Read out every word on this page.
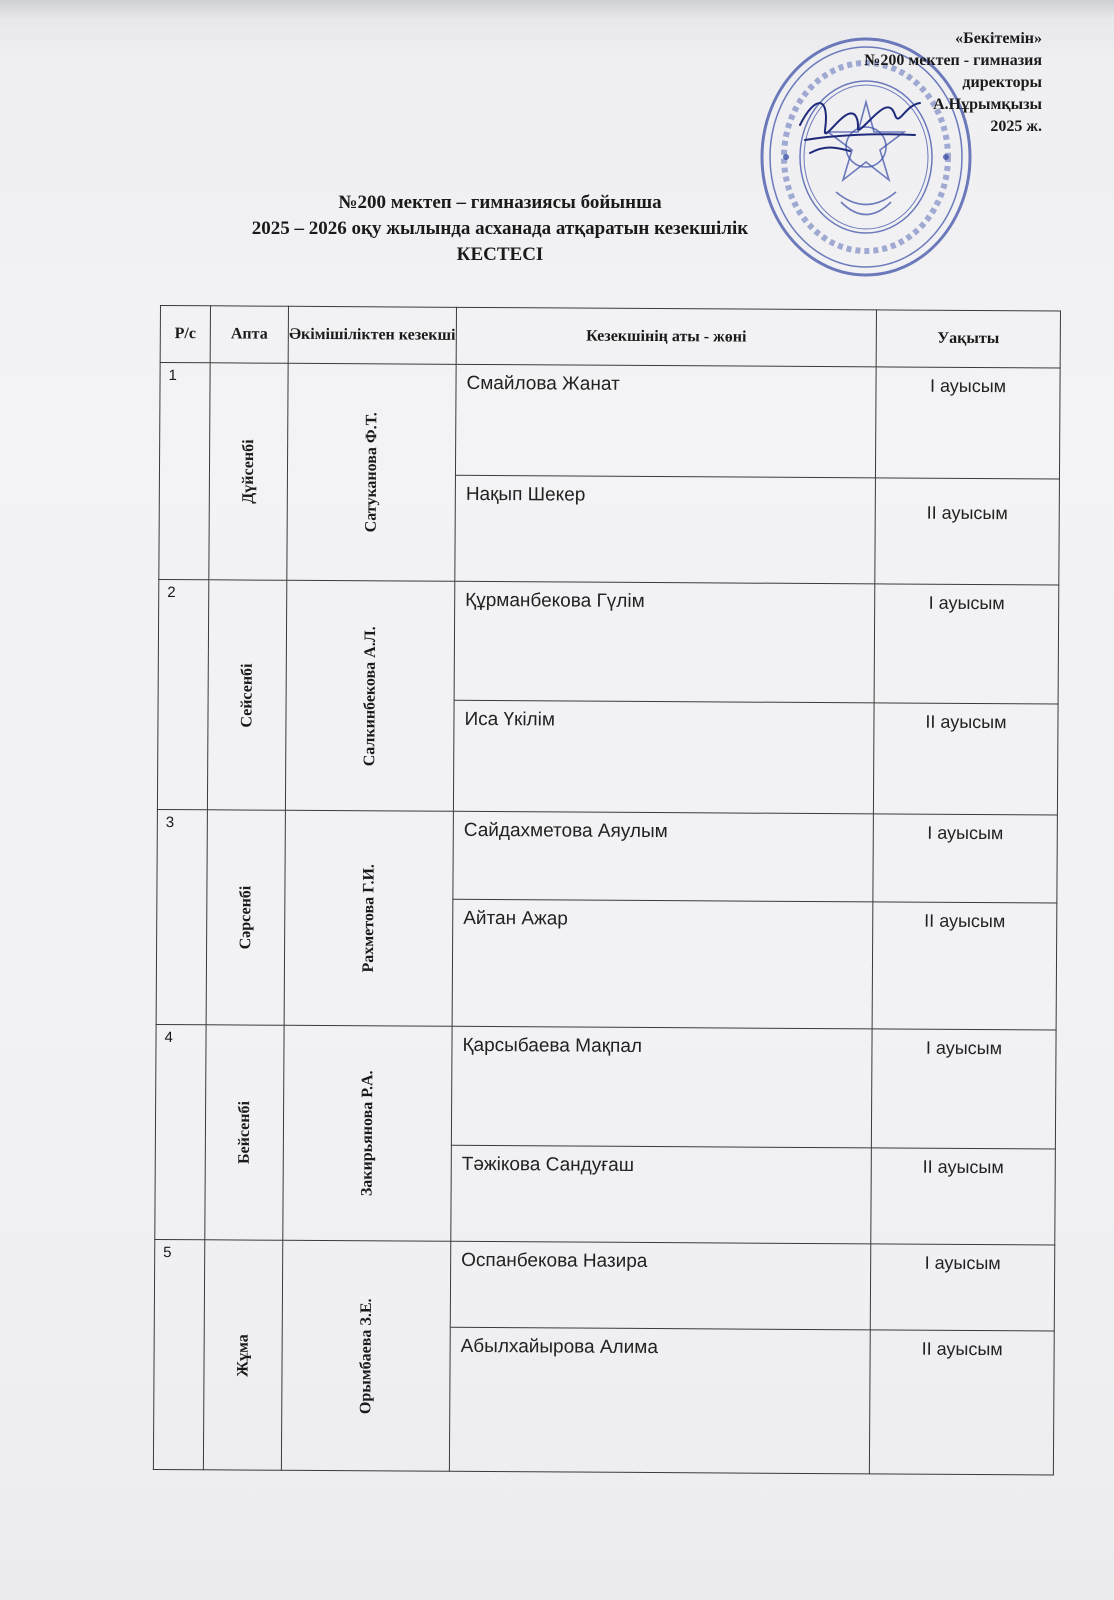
«Бекітемін»
№200 мектеп - гимназия
директоры
А.Нұрымқызы
2025 ж.
№200 мектеп – гимназиясы бойынша
2025 – 2026 оқу жылында асханада атқаратын кезекшілік
КЕСТЕСІ
Р/с	Апта	Әкімішіліктен кезекші	Кезекшінің аты - жөні	Уақыты
1	Дүйсенбі	Сатуканова Ф.Т.	Смайлова Жанат	І ауысым
			Нақып Шекер	ІІ ауысым
2	Сейсенбі	Салкинбекова А.Л.	Құрманбекова Гүлім	І ауысым
			Иса Үкілім	ІІ ауысым
3	Сәрсенбі	Рахметова Г.И.	Сайдахметова Аяулым	І ауысым
			Айтан Ажар	ІІ ауысым
4	Бейсенбі	Закирьянова Р.А.	Қарсыбаева Мақпал	І ауысым
			Тәжікова Сандуғаш	ІІ ауысым
5	Жұма	Орымбаева З.Е.	Оспанбекова Назира	І ауысым
			Абылхайырова Алима	ІІ ауысым
